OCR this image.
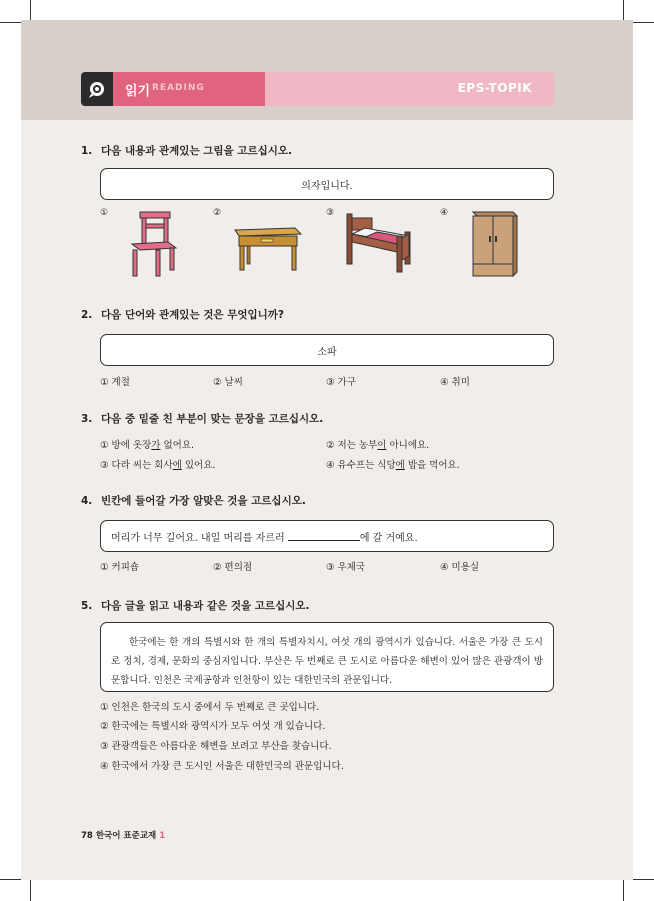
읽기 READING	EPS-TOPIK
1. 다음 내용과 관계있는 그림을 고르십시오.
의자입니다.
①	②	③	④
2. 다음 단어와 관계있는 것은 무엇입니까?
소파
① 계절	② 날씨	③ 가구	④ 취미
3. 다음 중 밑줄 친 부분이 맞는 문장을 고르십시오.
① 방에 옷장가 없어요.	② 저는 농부이 아니에요.
③ 다라 씨는 회사에 있어요.	④ 유수프는 식당에 밥을 먹어요.
4. 빈칸에 들어갈 가장 알맞은 것을 고르십시오.
머리가 너무 길어요. 내일 머리를 자르러	에 갈 거예요.
① 커피숍	② 편의점	③ 우체국	④ 미용실
5. 다음 글을 읽고 내용과 같은 것을 고르십시오.
한국에는 한 개의 특별시와 한 개의 특별자치시, 여섯 개의 광역시가 있습니다. 서울은 가장 큰 도시로 정치, 경제, 문화의 중심지입니다. 부산은 두 번째로 큰 도시로 아름다운 해변이 있어 많은 관광객이 방문합니다. 인천은 국제공항과 인천항이 있는 대한민국의 관문입니다.
① 인천은 한국의 도시 중에서 두 번째로 큰 곳입니다.
② 한국에는 특별시와 광역시가 모두 여섯 개 있습니다.
③ 관광객들은 아름다운 해변을 보려고 부산을 찾습니다.
④ 한국에서 가장 큰 도시인 서울은 대한민국의 관문입니다.
78 한국어 표준교재 1
